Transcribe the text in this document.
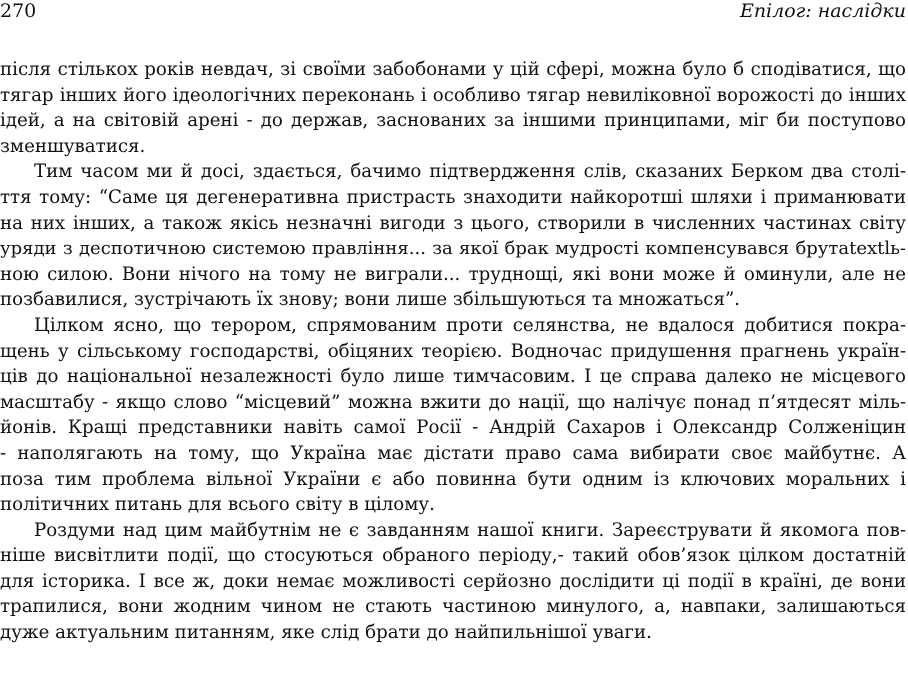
270	Епілог: наслідки
після стількох років невдач, зі своїми забобонами у цій сфері, можна було б сподіватися, що
тягар інших його ідеологічних переконань і особливо тягар невиліковної ворожості до інших
ідей, а на світовій арені - до держав, заснованих за іншими принципами, міг би поступово
зменшуватися.
Тим часом ми й досі, здається, бачимо підтвердження слів, сказаних Берком два столі-
ття тому: “Саме ця дегенеративна пристрасть знаходити найкоротші шляхи і приманювати
на них інших, а також якісь незначні вигоди з цього, створили в численних частинах світу
уряди з деспотичною системою правління... за якої брак мудрості компенсувався брутаtextlь-
ною силою. Вони нічого на тому не виграли... труднощі, які вони може й оминули, але не
позбавилися, зустрічають їх знову; вони лише збільшуються та множаться”.
Цілком ясно, що терором, спрямованим проти селянства, не вдалося добитися покра-
щень у сільському господарстві, обіцяних теорією. Водночас придушення прагнень україн-
ців до національної незалежності було лише тимчасовим. І це справа далеко не місцевого
масштабу - якщо слово “місцевий” можна вжити до нації, що налічує понад п’ятдесят міль-
йонів. Кращі представники навіть самої Росії - Андрій Сахаров і Олександр Солженіцин
- наполягають на тому, що Україна має дістати право сама вибирати своє майбутнє. А
поза тим проблема вільної України є або повинна бути одним із ключових моральних і
політичних питань для всього світу в цілому.
Роздуми над цим майбутнім не є завданням нашої книги. Зареєструвати й якомога пов-
ніше висвітлити події, що стосуються обраного періоду,- такий обов’язок цілком достатній
для історика. І все ж, доки немає можливості серйозно дослідити ці події в країні, де вони
трапилися, вони жодним чином не стають частиною минулого, а, навпаки, залишаються
дуже актуальним питанням, яке слід брати до найпильнішої уваги.
